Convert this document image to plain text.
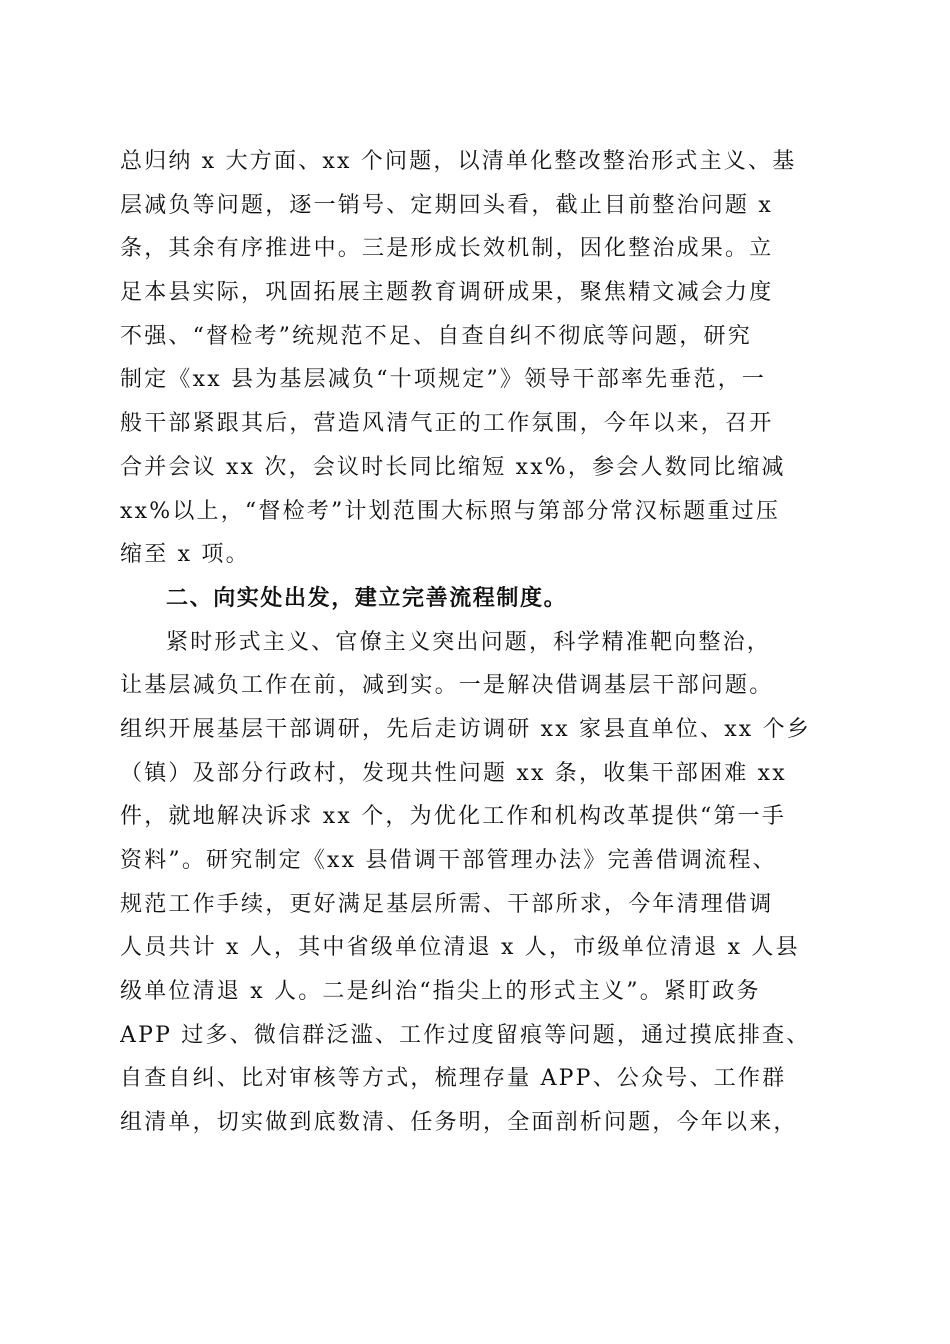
总归纳 x 大方面、xx 个问题，以清单化整改整治形式主义、基
层减负等问题，逐一销号、定期回头看，截止目前整治问题 x
条，其余有序推进中。三是形成长效机制，因化整治成果。立
足本县实际，巩固拓展主题教育调研成果，聚焦精文减会力度
不强、“督检考”统规范不足、自查自纠不彻底等问题，研究
制定《xx 县为基层减负“十项规定”》领导干部率先垂范，一
般干部紧跟其后，营造风清气正的工作氛围，今年以来，召开
合并会议 xx 次，会议时长同比缩短 xx%，参会人数同比缩减
xx%以上，“督检考”计划范围大标照与第部分常汉标题重过压
缩至 x 项。
二、向实处出发，建立完善流程制度。
紧时形式主义、官僚主义突出问题，科学精准靶向整治，
让基层减负工作在前，减到实。一是解决借调基层干部问题。
组织开展基层干部调研，先后走访调研 xx 家县直单位、xx 个乡
（镇）及部分行政村，发现共性问题 xx 条，收集干部困难 xx
件，就地解决诉求 xx 个，为优化工作和机构改革提供“第一手
资料”。研究制定《xx 县借调干部管理办法》完善借调流程、
规范工作手续，更好满足基层所需、干部所求，今年清理借调
人员共计 x 人，其中省级单位清退 x 人，市级单位清退 x 人县
级单位清退 x 人。二是纠治“指尖上的形式主义”。紧盯政务
APP 过多、微信群泛滥、工作过度留痕等问题，通过摸底排查、
自查自纠、比对审核等方式，梳理存量 APP、公众号、工作群
组清单，切实做到底数清、任务明，全面剖析问题，今年以来，
